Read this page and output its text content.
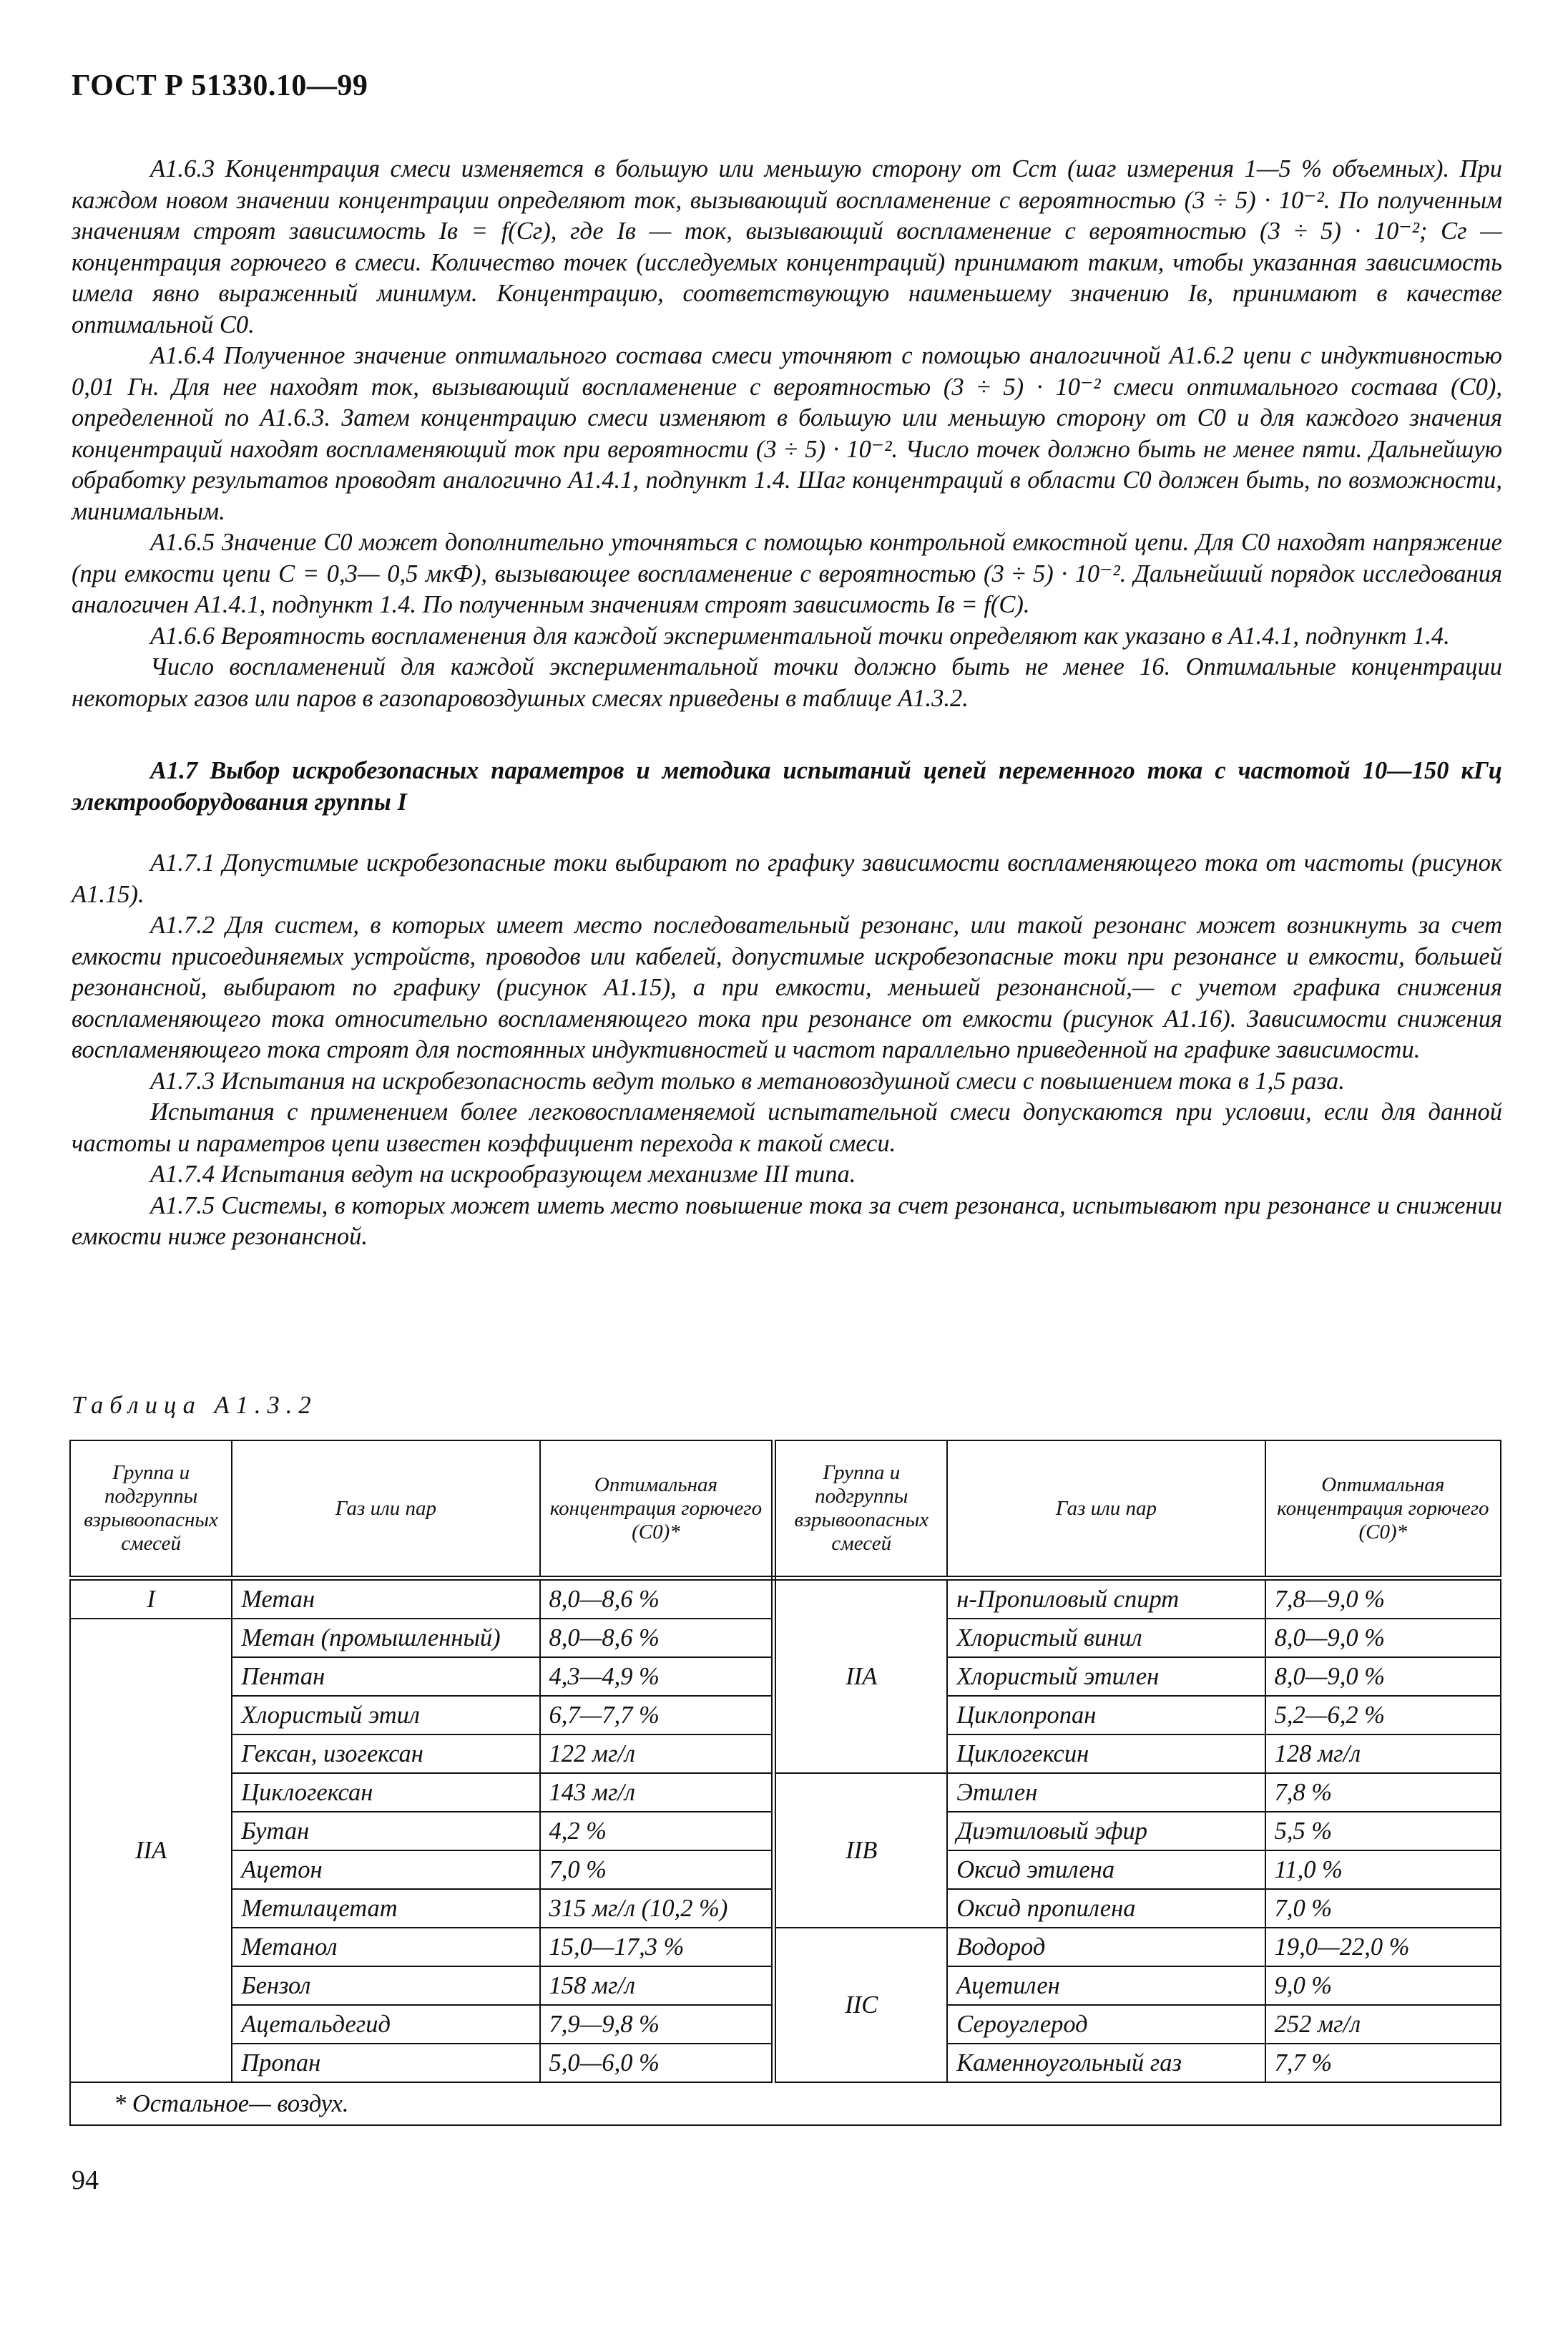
ГОСТ Р 51330.10—99

А1.6.3 Концентрация смеси изменяется в большую или меньшую сторону от Cст (шаг измерения 1—5 % объемных). При каждом новом значении концентрации определяют ток, вызывающий воспламенение с вероятностью (3 ÷ 5) · 10⁻². По полученным значениям строят зависимость Iв = f(Cг), где Iв — ток, вызывающий воспламенение с вероятностью (3 ÷ 5) · 10⁻²; Cг — концентрация горючего в смеси. Количество точек (исследуемых концентраций) принимают таким, чтобы указанная зависимость имела явно выраженный минимум. Концентрацию, соответствующую наименьшему значению Iв, принимают в качестве оптимальной C0.

А1.6.4 Полученное значение оптимального состава смеси уточняют с помощью аналогичной А1.6.2 цепи с индуктивностью 0,01 Гн. Для нее находят ток, вызывающий воспламенение с вероятностью (3 ÷ 5) · 10⁻² смеси оптимального состава (C0), определенной по А1.6.3. Затем концентрацию смеси изменяют в большую или меньшую сторону от C0 и для каждого значения концентраций находят воспламеняющий ток при вероятности (3 ÷ 5) · 10⁻². Число точек должно быть не менее пяти. Дальнейшую обработку результатов проводят аналогично А1.4.1, подпункт 1.4. Шаг концентраций в области C0 должен быть, по возможности, минимальным.

А1.6.5 Значение C0 может дополнительно уточняться с помощью контрольной емкостной цепи. Для C0 находят напряжение (при емкости цепи C = 0,3— 0,5 мкФ), вызывающее воспламенение с вероятностью (3 ÷ 5) · 10⁻². Дальнейший порядок исследования аналогичен А1.4.1, подпункт 1.4. По полученным значениям строят зависимость Iв = f(C).

А1.6.6 Вероятность воспламенения для каждой экспериментальной точки определяют как указано в А1.4.1, подпункт 1.4.

Число воспламенений для каждой экспериментальной точки должно быть не менее 16. Оптимальные концентрации некоторых газов или паров в газопаровоздушных смесях приведены в таблице А1.3.2.

А1.7 Выбор искробезопасных параметров и методика испытаний цепей переменного тока с частотой 10—150 кГц электрооборудования группы I

А1.7.1 Допустимые искробезопасные токи выбирают по графику зависимости воспламеняющего тока от частоты (рисунок А1.15).

А1.7.2 Для систем, в которых имеет место последовательный резонанс, или такой резонанс может возникнуть за счет емкости присоединяемых устройств, проводов или кабелей, допустимые искробезопасные токи при резонансе и емкости, большей резонансной, выбирают по графику (рисунок А1.15), а при емкости, меньшей резонансной,— с учетом графика снижения воспламеняющего тока относительно воспламеняющего тока при резонансе от емкости (рисунок А1.16). Зависимости снижения воспламеняющего тока строят для постоянных индуктивностей и частот параллельно приведенной на графике зависимости.

А1.7.3 Испытания на искробезопасность ведут только в метановоздушной смеси с повышением тока в 1,5 раза.

Испытания с применением более легковоспламеняемой испытательной смеси допускаются при условии, если для данной частоты и параметров цепи известен коэффициент перехода к такой смеси.

А1.7.4 Испытания ведут на искрообразующем механизме III типа.

А1.7.5 Системы, в которых может иметь место повышение тока за счет резонанса, испытывают при резонансе и снижении емкости ниже резонансной.

Таблица А1.3.2
Группа и подгруппы взрывоопасных смесей	Газ или пар	Оптимальная концентрация горючего (C0)*	Группа и подгруппы взрывоопасных смесей	Газ или пар	Оптимальная концентрация горючего (C0)*
I	Метан	8,0—8,6 %	IIA	н-Пропиловый спирт	7,8—9,0 %
IIA	Метан (промышленный)	8,0—8,6 %		Хлористый винил	8,0—9,0 %
	Пентан	4,3—4,9 %		Хлористый этилен	8,0—9,0 %
	Хлористый этил	6,7—7,7 %		Циклопропан	5,2—6,2 %
	Гексан, изогексан	122 мг/л		Циклогексин	128 мг/л
	Циклогексан	143 мг/л	IIB	Этилен	7,8 %
	Бутан	4,2 %		Диэтиловый эфир	5,5 %
	Ацетон	7,0 %		Оксид этилена	11,0 %
	Метилацетат	315 мг/л (10,2 %)		Оксид пропилена	7,0 %
	Метанол	15,0—17,3 %	IIC	Водород	19,0—22,0 %
	Бензол	158 мг/л		Ацетилен	9,0 %
	Ацетальдегид	7,9—9,8 %		Сероуглерод	252 мг/л
	Пропан	5,0—6,0 %		Каменноугольный газ	7,7 %
* Остальное— воздух.					
94
